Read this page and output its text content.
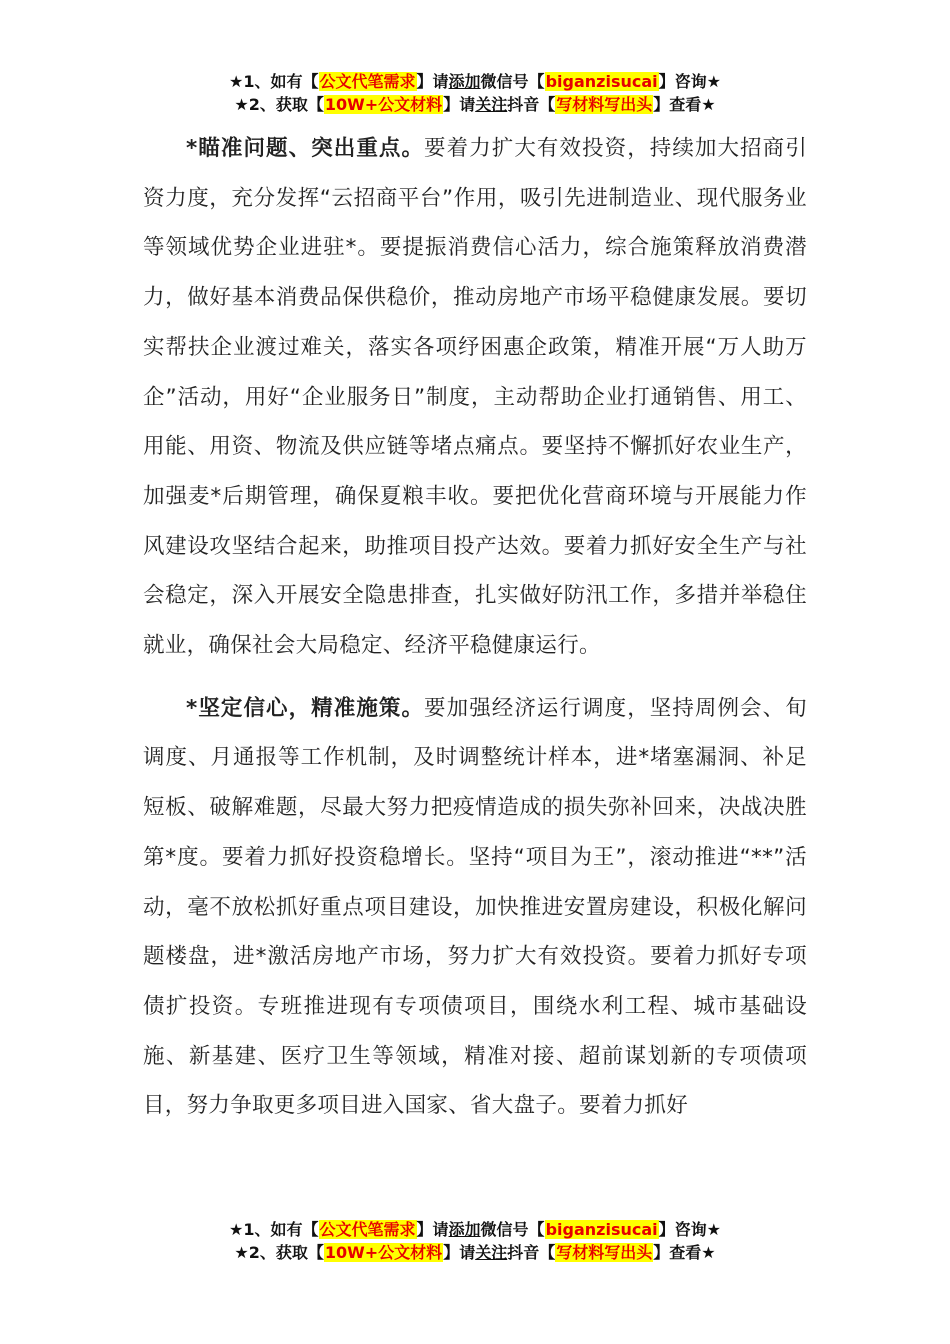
★1、如有【公文代笔需求】请添加微信号【biganzisucai】咨询★
★2、获取【10W+公文材料】请关注抖音【写材料写出头】查看★

*瞄准问题、突出重点。要着力扩大有效投资，持续加大招商引资力度，充分发挥“云招商平台”作用，吸引先进制造业、现代服务业等领域优势企业进驻*。要提振消费信心活力，综合施策释放消费潜力，做好基本消费品保供稳价，推动房地产市场平稳健康发展。要切实帮扶企业渡过难关，落实各项纾困惠企政策，精准开展“万人助万企”活动，用好“企业服务日”制度，主动帮助企业打通销售、用工、用能、用资、物流及供应链等堵点痛点。要坚持不懈抓好农业生产，加强麦*后期管理，确保夏粮丰收。要把优化营商环境与开展能力作风建设攻坚结合起来，助推项目投产达效。要着力抓好安全生产与社会稳定，深入开展安全隐患排查，扎实做好防汛工作，多措并举稳住就业，确保社会大局稳定、经济平稳健康运行。

*坚定信心，精准施策。要加强经济运行调度，坚持周例会、旬调度、月通报等工作机制，及时调整统计样本，进*堵塞漏洞、补足短板、破解难题，尽最大努力把疫情造成的损失弥补回来，决战决胜第*度。要着力抓好投资稳增长。坚持“项目为王”，滚动推进“**”活动，毫不放松抓好重点项目建设，加快推进安置房建设，积极化解问题楼盘，进*激活房地产市场，努力扩大有效投资。要着力抓好专项债扩投资。专班推进现有专项债项目，围绕水利工程、城市基础设施、新基建、医疗卫生等领域，精准对接、超前谋划新的专项债项目，努力争取更多项目进入国家、省大盘子。要着力抓好

★1、如有【公文代笔需求】请添加微信号【biganzisucai】咨询★
★2、获取【10W+公文材料】请关注抖音【写材料写出头】查看★
